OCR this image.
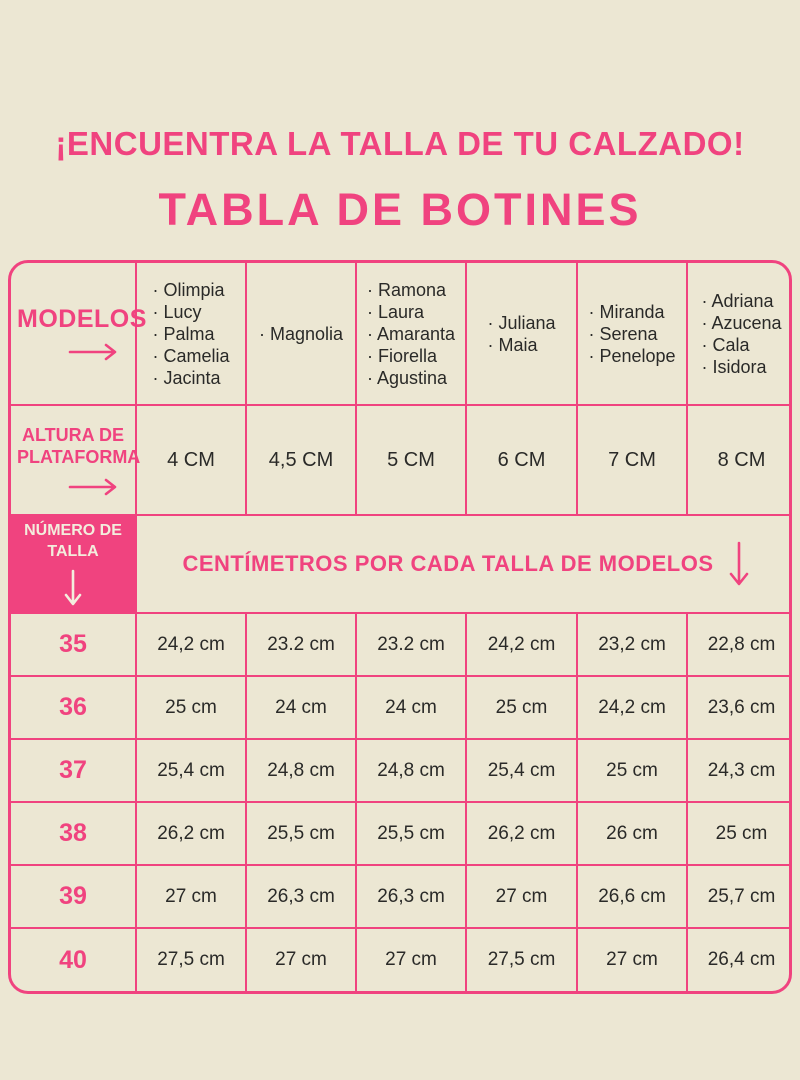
¡ENCUENTRA LA TALLA DE TU CALZADO!
TABLA DE BOTINES
MODELOS

· Olimpia
· Lucy
· Palma
· Camelia
· Jacinta

· Magnolia

· Ramona
· Laura
· Amaranta
· Fiorella
· Agustina

· Juliana
· Maia

· Miranda
· Serena
· Penelope

· Adriana
· Azucena
· Cala
· Isidora

ALTURA DE
PLATAFORMA	4 CM	4,5 CM	5 CM	6 CM	7 CM	8 CM

NÚMERO DE
TALLA	CENTÍMETROS POR CADA TALLA DE MODELOS					

35	24,2 cm	23.2 cm	23.2 cm	24,2 cm	23,2 cm	22,8 cm
36	25 cm	24 cm	24 cm	25 cm	24,2 cm	23,6 cm
37	25,4 cm	24,8 cm	24,8 cm	25,4 cm	25 cm	24,3 cm
38	26,2 cm	25,5 cm	25,5 cm	26,2 cm	26 cm	25 cm
39	27 cm	26,3 cm	26,3 cm	27 cm	26,6 cm	25,7 cm
40	27,5 cm	27 cm	27 cm	27,5 cm	27 cm	26,4 cm
